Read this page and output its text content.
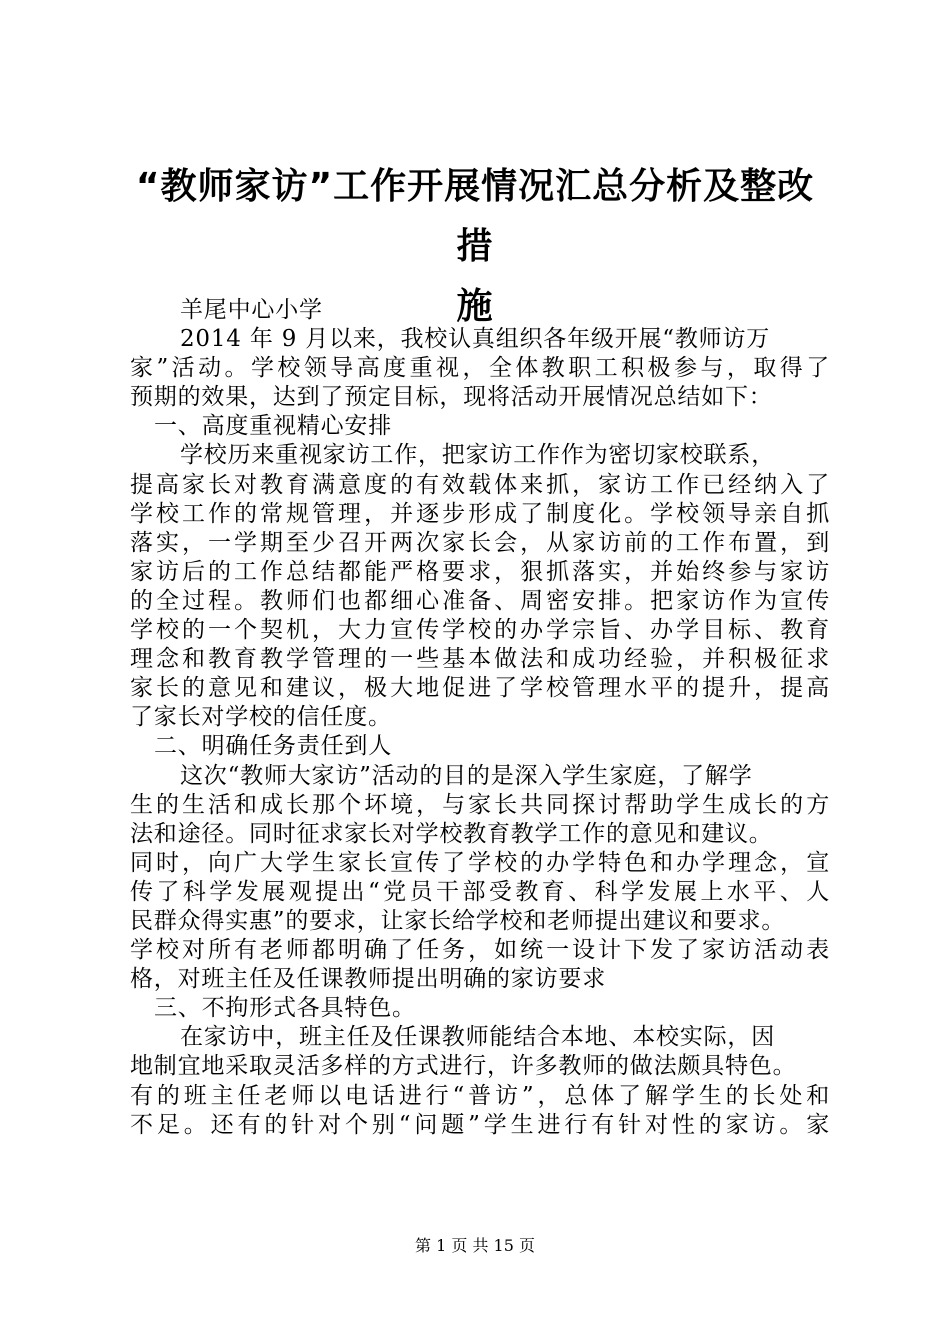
“教师家访”工作开展情况汇总分析及整改措
施
羊尾中心小学
2014 年 9 月以来，我校认真组织各年级开展“教师访万
家”活动。学校领导高度重视，全体教职工积极参与，取得了
预期的效果，达到了预定目标，现将活动开展情况总结如下：
一、高度重视精心安排
学校历来重视家访工作，把家访工作作为密切家校联系，
提高家长对教育满意度的有效载体来抓，家访工作已经纳入了
学校工作的常规管理，并逐步形成了制度化。学校领导亲自抓
落实，一学期至少召开两次家长会，从家访前的工作布置，到
家访后的工作总结都能严格要求，狠抓落实，并始终参与家访
的全过程。教师们也都细心准备、周密安排。把家访作为宣传
学校的一个契机，大力宣传学校的办学宗旨、办学目标、教育
理念和教育教学管理的一些基本做法和成功经验，并积极征求
家长的意见和建议，极大地促进了学校管理水平的提升，提高
了家长对学校的信任度。
二、明确任务责任到人
这次“教师大家访”活动的目的是深入学生家庭，了解学
生的生活和成长那个坏境，与家长共同探讨帮助学生成长的方
法和途径。同时征求家长对学校教育教学工作的意见和建议。
同时，向广大学生家长宣传了学校的办学特色和办学理念，宣
传了科学发展观提出“党员干部受教育、科学发展上水平、人
民群众得实惠”的要求，让家长给学校和老师提出建议和要求。
学校对所有老师都明确了任务，如统一设计下发了家访活动表
格，对班主任及任课教师提出明确的家访要求
三、不拘形式各具特色。
在家访中，班主任及任课教师能结合本地、本校实际，因
地制宜地采取灵活多样的方式进行，许多教师的做法颇具特色。
有的班主任老师以电话进行“普访”，总体了解学生的长处和
不足。还有的针对个别“问题”学生进行有针对性的家访。家
第 1 页 共 15 页
